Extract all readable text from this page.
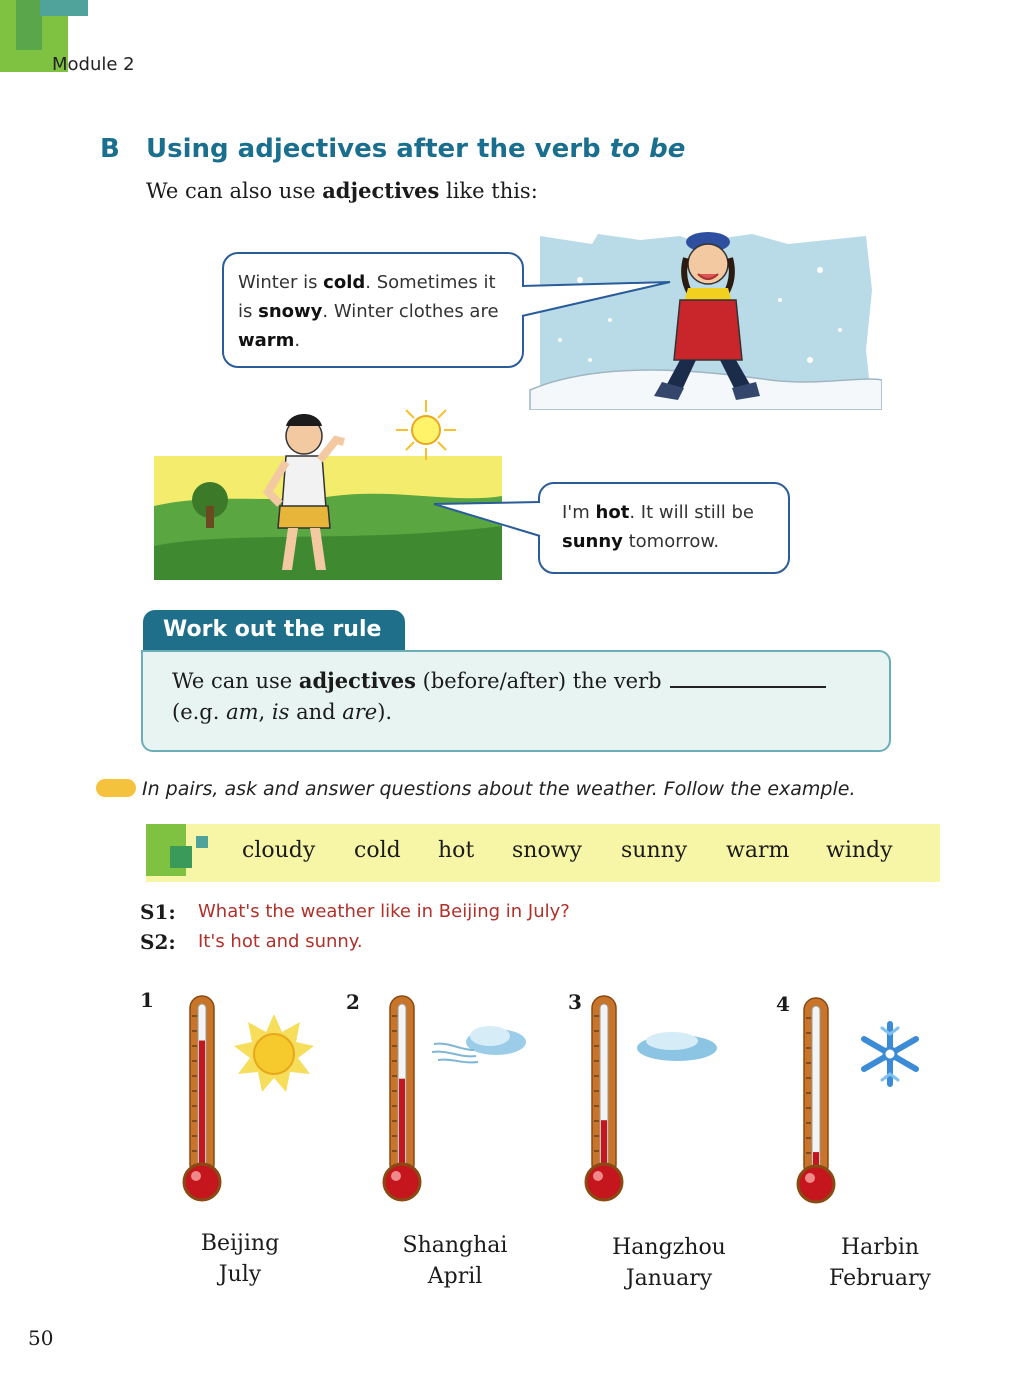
Module 2
B Using adjectives after the verb to be
We can also use adjectives like this:
Winter is cold. Sometimes it is snowy. Winter clothes are warm.
I'm hot. It will still be sunny tomorrow.
Work out the rule
We can use adjectives (before/after) the verb
(e.g. am, is and are).
In pairs, ask and answer questions about the weather. Follow the example.
cloudy cold hot snowy sunny warm windy
S1: What's the weather like in Beijing in July?
S2: It's hot and sunny.
1	2	3	4
Beijing
July
Shanghai
April
Hangzhou
January
Harbin
February
50
